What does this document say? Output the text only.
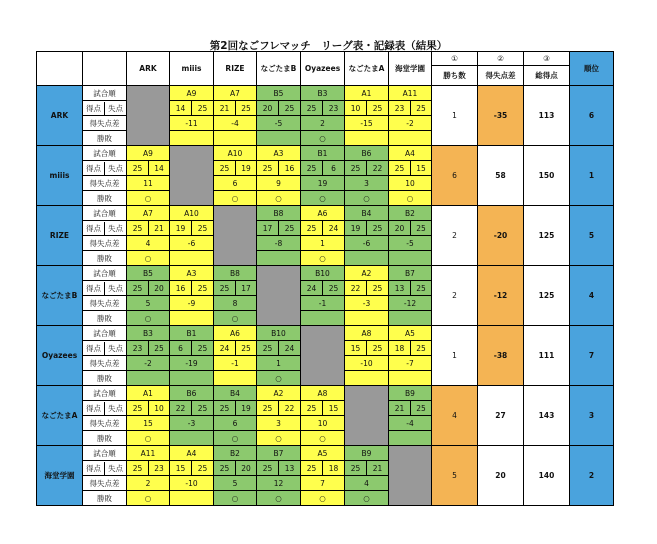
第2回なごフレマッチ　リーグ表・記録表（結果）
		ARK		miiis		RIZE		なごたまB		Oyazees		なごたまA		海堂学園		①	②	③	順位
																勝ち数	得失点差	総得点	
ARK	試合順			A9		A7		B5		B3		A1		A11		1	-35	113	6
	得点 失点			14	25	21	25	20	25	25	23	10	25	23	25				
	得失点差			-11		-4		-5		2		-15		-2					
	勝敗									○									
miiis	試合順	A9				A10		A3		B1		B6		A4		6	58	150	1
	得点 失点	25	14			25	19	25	16	25	6	25	22	25	15				
	得失点差	11				6		9		19		3		10					
	勝敗	○				○		○		○		○		○					
RIZE	試合順	A7		A10				B8		A6		B4		B2		2	-20	125	5
	得点 失点	25	21	19	25			17	25	25	24	19	25	20	25				
	得失点差	4		-6				-8		1		-6		-5					
	勝敗	○								○									
なごたまB	試合順	B5		A3		B8				B10		A2		B7		2	-12	125	4
	得点 失点	25	20	16	25	25	17			24	25	22	25	13	25				
	得失点差	5		-9		8				-1		-3		-12					
	勝敗	○				○													
Oyazees	試合順	B3		B1		A6		B10				A8		A5		1	-38	111	7
	得点 失点	23	25	6	25	24	25	25	24			15	25	18	25				
	得失点差	-2		-19		-1		1				-10		-7					
	勝敗							○											
なごたまA	試合順	A1		B6		B4		A2		A8				B9		4	27	143	3
	得点 失点	25	10	22	25	25	19	25	22	25	15			21	25				
	得失点差	15		-3		6		3		10				-4					
	勝敗	○				○		○		○									
海堂学園	試合順	A11		A4		B2		B7		A5		B9				5	20	140	2
	得点 失点	25	23	15	25	25	20	25	13	25	18	25	21						
	得失点差	2		-10		5		12		7		4							
	勝敗	○				○		○		○		○							
